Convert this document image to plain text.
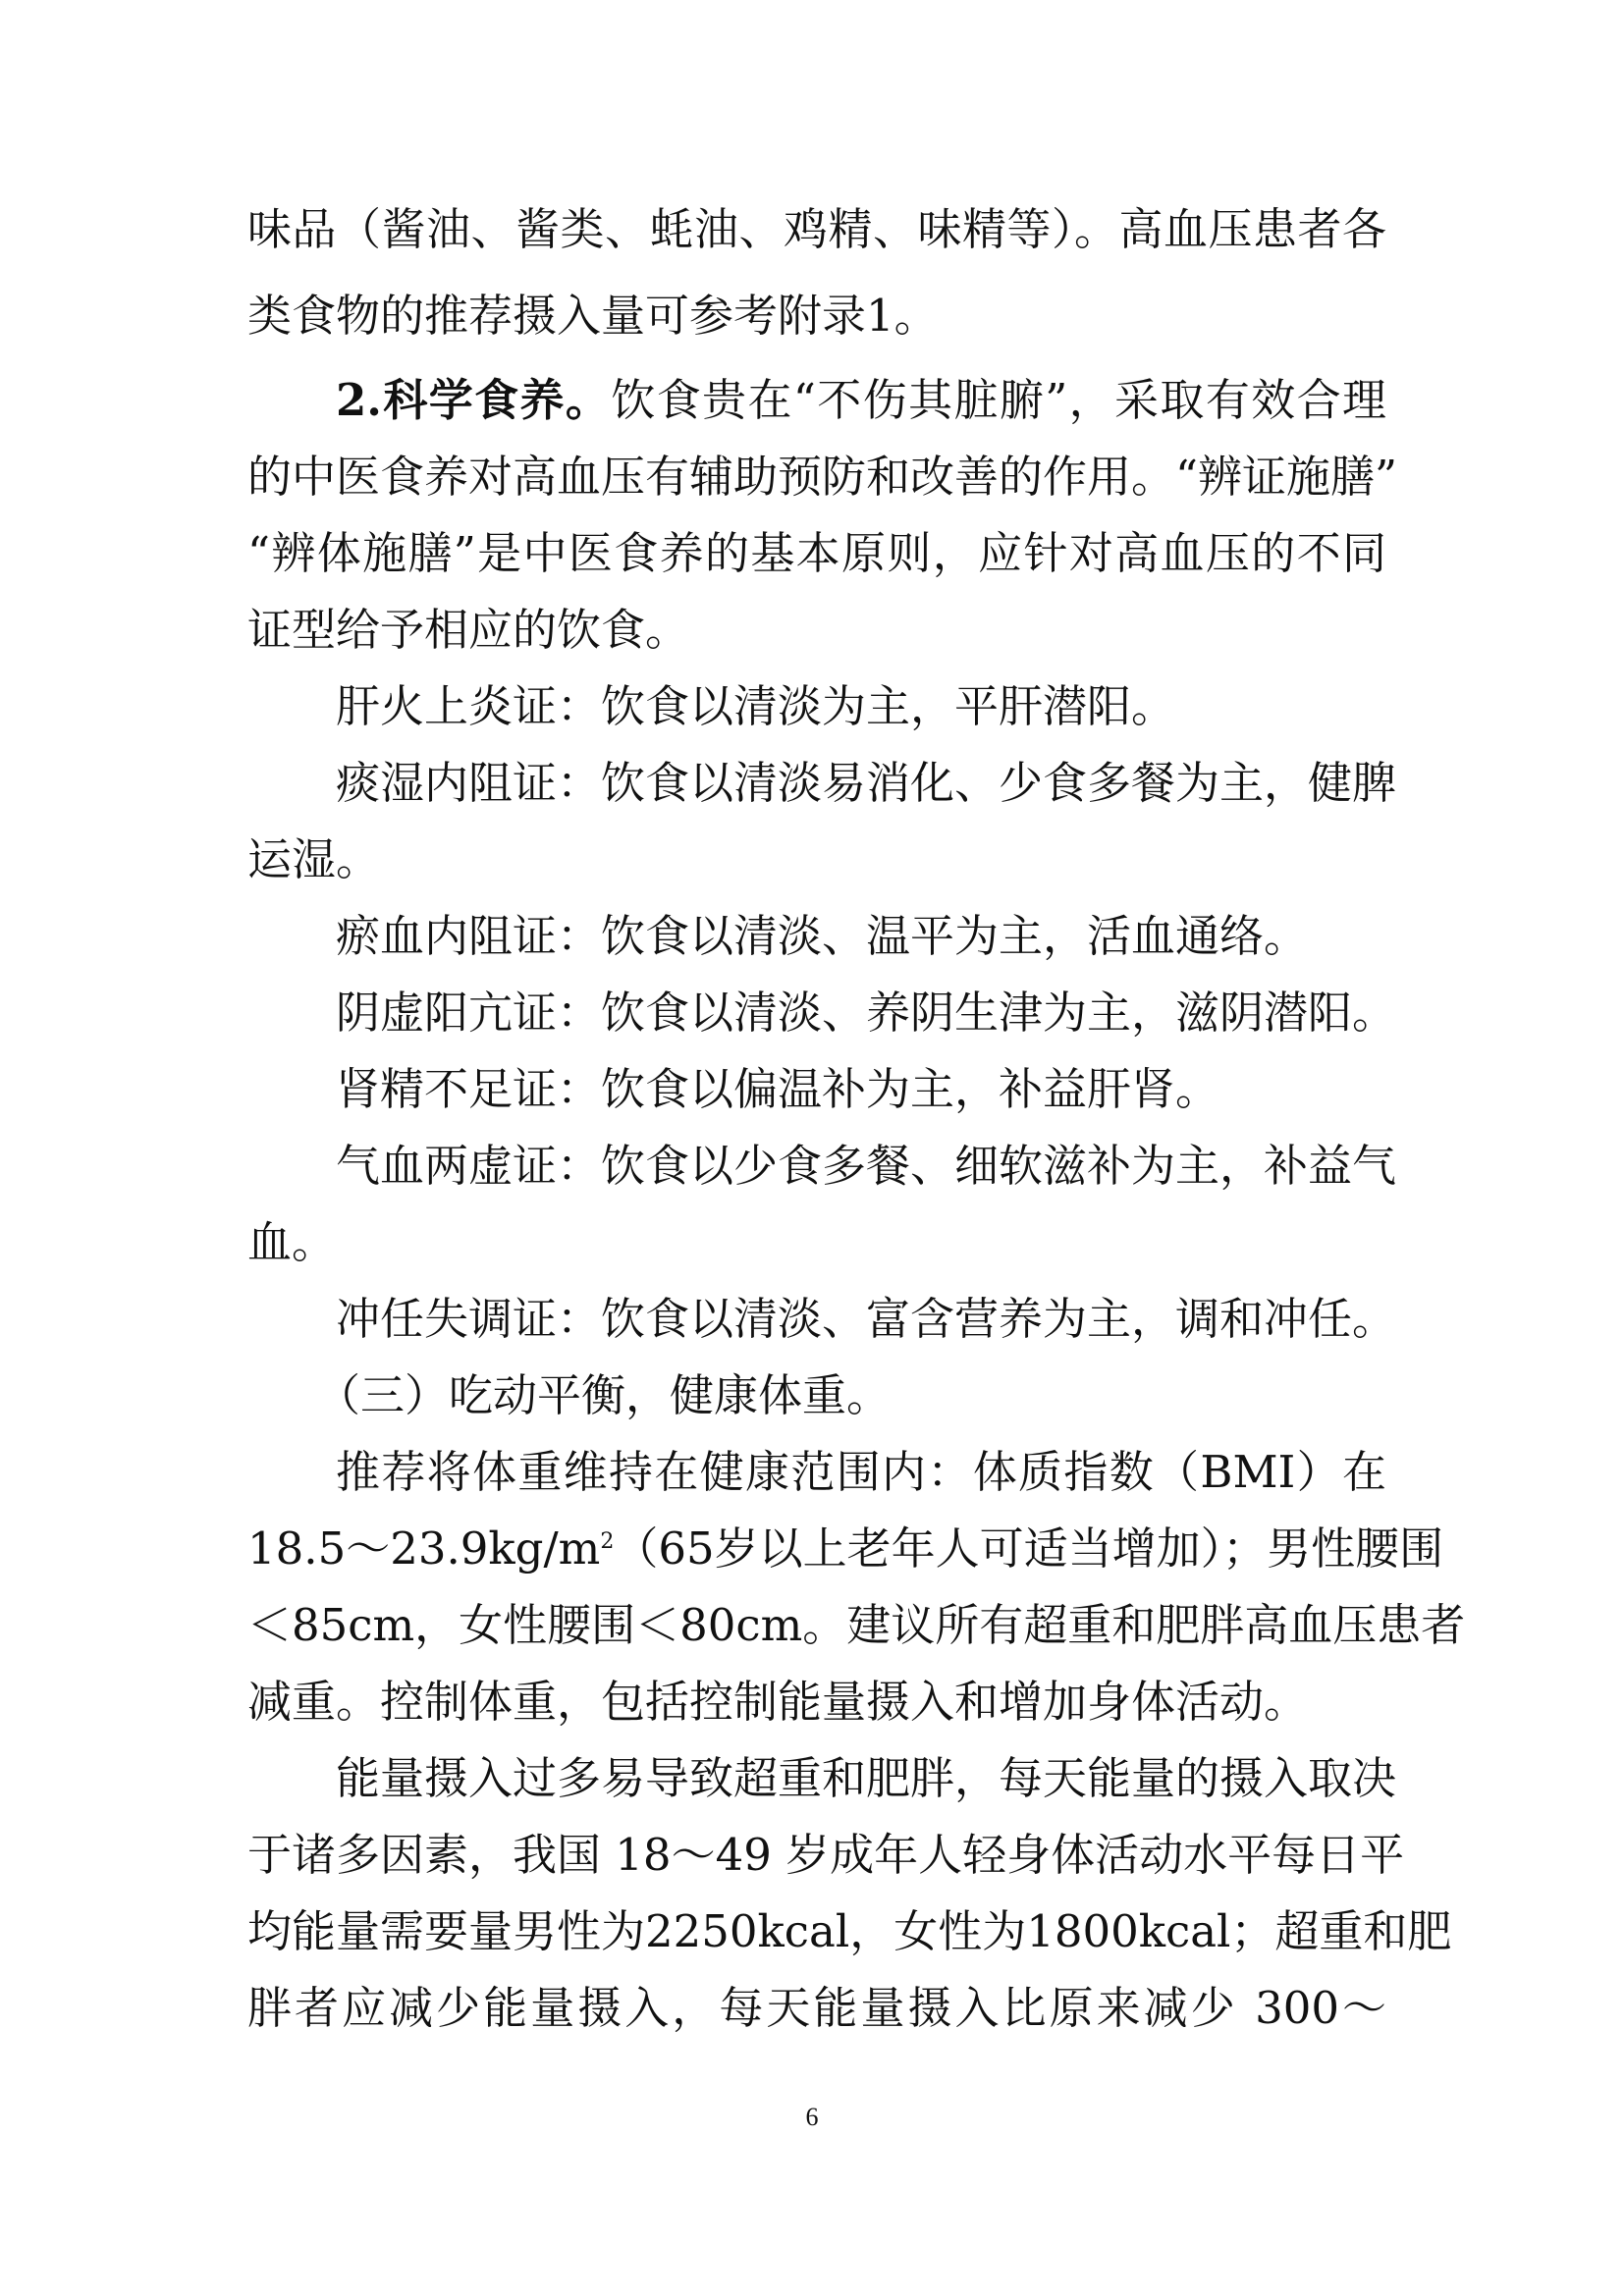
味品（酱油、酱类、蚝油、鸡精、味精等）。高血压患者各
类食物的推荐摄入量可参考附录1。
2.科学食养。饮食贵在“不伤其脏腑”，采取有效合理
的中医食养对高血压有辅助预防和改善的作用。“辨证施膳”
“辨体施膳”是中医食养的基本原则，应针对高血压的不同
证型给予相应的饮食。
肝火上炎证：饮食以清淡为主，平肝潜阳。
痰湿内阻证：饮食以清淡易消化、少食多餐为主，健脾
运湿。
瘀血内阻证：饮食以清淡、温平为主，活血通络。
阴虚阳亢证：饮食以清淡、养阴生津为主，滋阴潜阳。
肾精不足证：饮食以偏温补为主，补益肝肾。
气血两虚证：饮食以少食多餐、细软滋补为主，补益气
血。
冲任失调证：饮食以清淡、富含营养为主，调和冲任。
（三）吃动平衡，健康体重。
推荐将体重维持在健康范围内：体质指数（BMI）在
$18.5\sim 23.9kg/m^2(65$岁以上老年人可适当增加）；男性腰围
＜85cm，女性腰围＜80cm。建议所有超重和肥胖高血压患者
减重。控制体重，包括控制能量摄入和增加身体活动。
能量摄入过多易导致超重和肥胖，每天能量的摄入取决
于诸多因素，我国 18～49 岁成年人轻身体活动水平每日平
均能量需要量男性为2250kcal，女性为1800kcal；超重和肥
胖者应减少能量摄入，每天能量摄入比原来减少 300～
6
